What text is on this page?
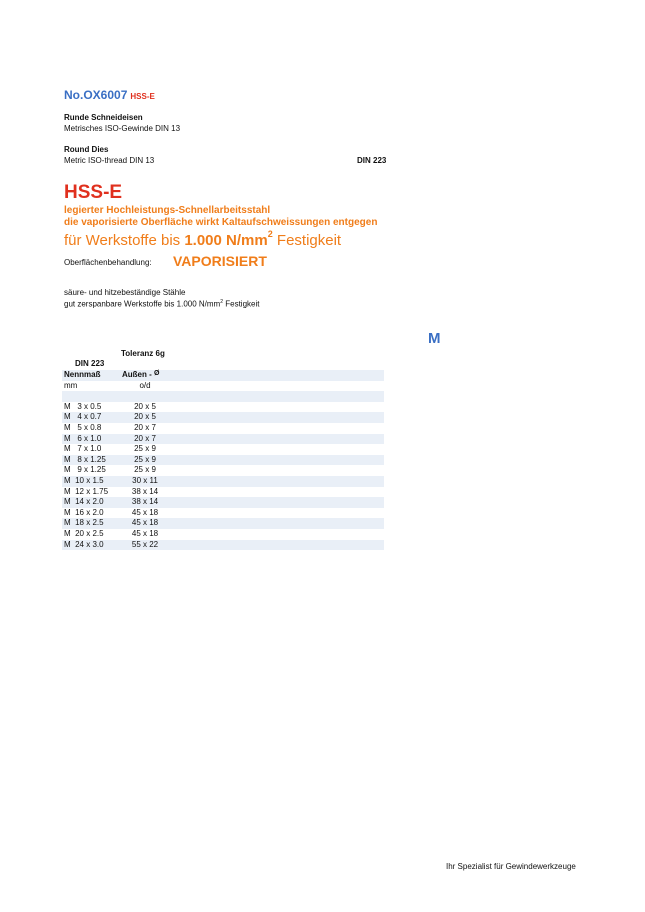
No.OX6007 HSS-E
Runde Schneideisen
Metrisches ISO-Gewinde DIN 13
Round Dies
Metric ISO-thread DIN 13	DIN 223
HSS-E
legierter Hochleistungs-Schnellarbeitsstahl
die vaporisierte Oberfläche wirkt Kaltaufschweissungen entgegen
für Werkstoffe bis 1.000 $N/mm^2$ Festigkeit
Oberflächenbehandlung: VAPORISIERT
säure- und hitzebeständige Stähle
gut zerspanbare Werkstoffe bis 1.000 $N/mm^2$ Festigkeit
M
Toleranz 6g
DIN 223
Nennmaß	Außen - Ø
mm	o/d
M   3 x 0.5	20 x 5
M   4 x 0.7	20 x 5
M   5 x 0.8	20 x 7
M   6 x 1.0	20 x 7
M   7 x 1.0	25 x 9
M   8 x 1.25	25 x 9
M   9 x 1.25	25 x 9
M  10 x 1.5	30 x 11
M  12 x 1.75	38 x 14
M  14 x 2.0	38 x 14
M  16 x 2.0	45 x 18
M  18 x 2.5	45 x 18
M  20 x 2.5	45 x 18
M  24 x 3.0	55 x 22
Ihr Spezialist für Gewindewerkzeuge
